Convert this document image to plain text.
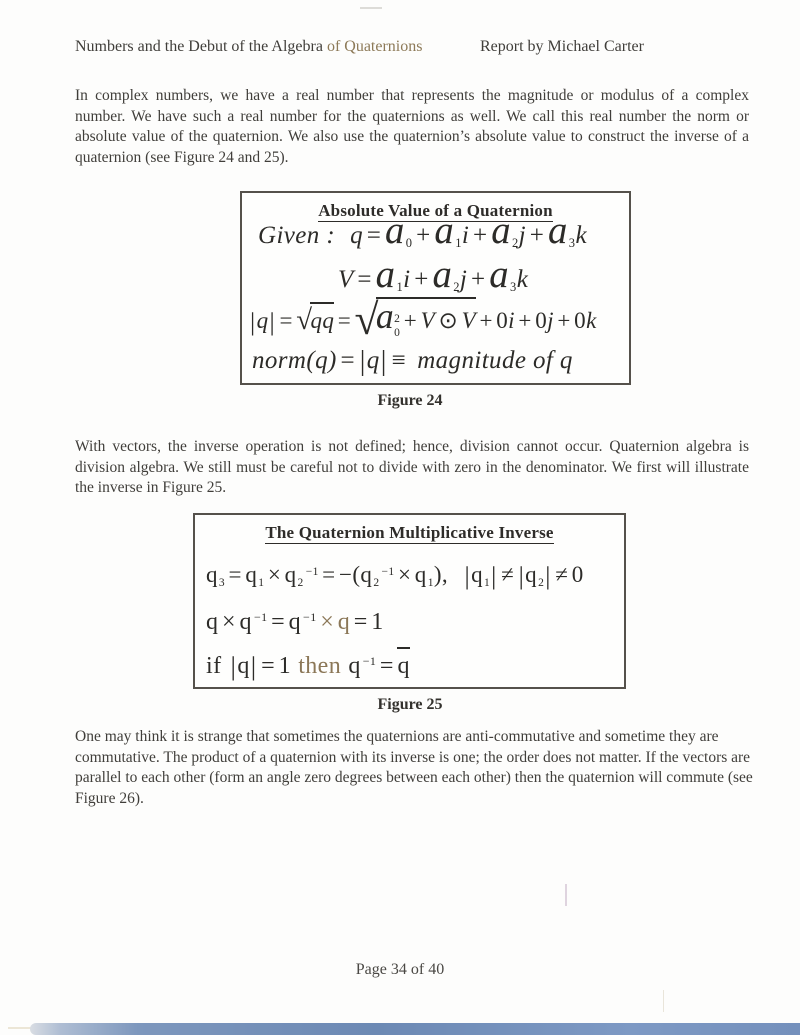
Numbers and the Debut of the Algebra of Quaternions	Report by Michael Carter

In complex numbers, we have a real number that represents the magnitude or modulus of a complex number. We have such a real number for the quaternions as well. We call this real number the norm or absolute value of the quaternion. We also use the quaternion’s absolute value to construct the inverse of a quaternion (see Figure 24 and 25).

Absolute Value of a Quaternion
Given : q =a0 +a1i +a2j +a3k
V =a1i +a2j +a3k
|q| = √qq =√a 2
0
+ V ⊙ V + 0i + 0j + 0k
norm(q) = |q| ≡ magnitude of q
Figure 24

With vectors, the inverse operation is not defined; hence, division cannot occur. Quaternion algebra is division algebra. We still must be careful not to divide with zero in the denominator. We first will illustrate the inverse in Figure 25.

The Quaternion Multiplicative Inverse
q3 = q1 × q2−1 = −(q2−1 × q1), |q1| ≠ |q2| ≠ 0
q × q −1 = q −1 × q = 1
if |q| = 1 then q −1 = q
Figure 25

One may think it is strange that sometimes the quaternions are anti-commutative and sometime they are commutative. The product of a quaternion with its inverse is one; the order does not matter. If the vectors are parallel to each other (form an angle zero degrees between each other) then the quaternion will commute (see Figure 26).

Page 34 of 40
